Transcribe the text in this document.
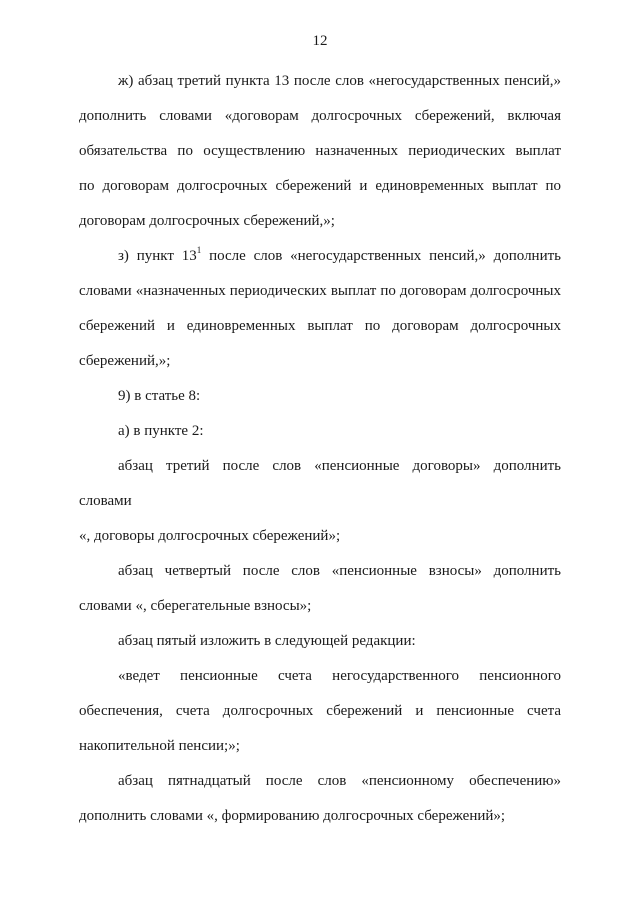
12
ж) абзац третий пункта 13 после слов «негосударственных пенсий,»
дополнить словами «договорам долгосрочных сбережений, включая
обязательства по осуществлению назначенных периодических выплат
по договорам долгосрочных сбережений и единовременных выплат по
договорам долгосрочных сбережений,»;
з) пункт $13^1$ после слов «негосударственных пенсий,» дополнить
словами «назначенных периодических выплат по договорам долгосрочных
сбережений и единовременных выплат по договорам долгосрочных
сбережений,»;
9) в статье 8:
а) в пункте 2:
абзац третий после слов «пенсионные договоры» дополнить словами
«, договоры долгосрочных сбережений»;
абзац четвертый после слов «пенсионные взносы» дополнить
словами «, сберегательные взносы»;
абзац пятый изложить в следующей редакции:
«ведет пенсионные счета негосударственного пенсионного
обеспечения, счета долгосрочных сбережений и пенсионные счета
накопительной пенсии;»;
абзац пятнадцатый после слов «пенсионному обеспечению»
дополнить словами «, формированию долгосрочных сбережений»;
